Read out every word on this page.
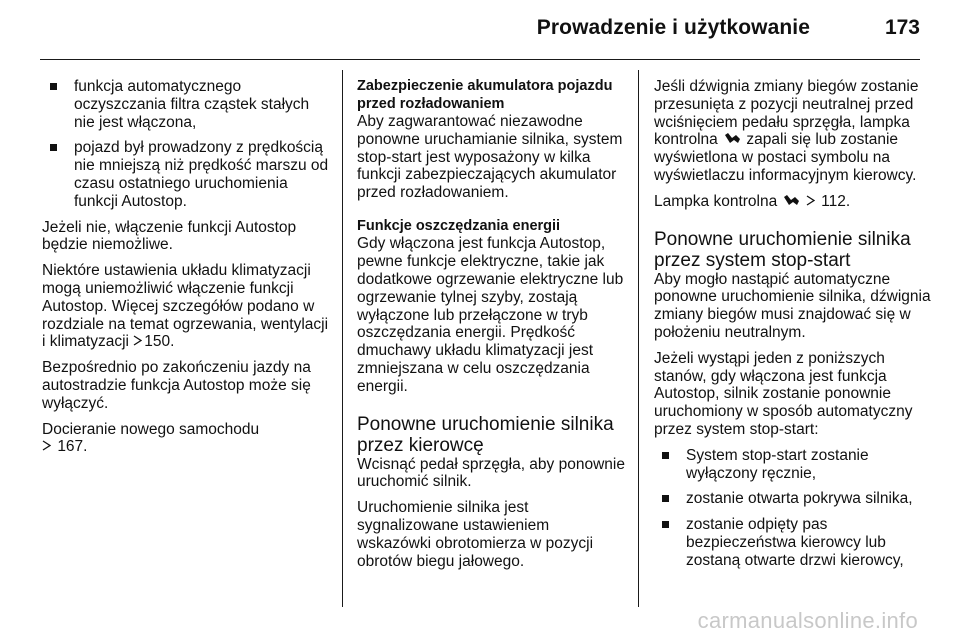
Prowadzenie i użytkowanie	173
funkcja automatycznego oczyszczania filtra cząstek stałych nie jest włączona,
pojazd był prowadzony z prędkością nie mniejszą niż prędkość marszu od czasu ostatniego uruchomienia funkcji Autostop.

Jeżeli nie, włączenie funkcji Autostop będzie niemożliwe.

Niektóre ustawienia układu klimatyzacji mogą uniemożliwić włączenie funkcji Autostop. Więcej szczegółów podano w rozdziale na temat ogrzewania, wentylacji i klimatyzacji 150.

Bezpośrednio po zakończeniu jazdy na autostradzie funkcja Autostop może się wyłączyć.

Docieranie nowego samochodu
167.

Zabezpieczenie akumulatora pojazdu przed rozładowaniem

Aby zagwarantować niezawodne ponowne uruchamianie silnika, system stop-start jest wyposażony w kilka funkcji zabezpieczających akumulator przed rozładowaniem.

Funkcje oszczędzania energii

Gdy włączona jest funkcja Autostop, pewne funkcje elektryczne, takie jak dodatkowe ogrzewanie elektryczne lub ogrzewanie tylnej szyby, zostają wyłączone lub przełączone w tryb oszczędzania energii. Prędkość dmuchawy układu klimatyzacji jest zmniejszana w celu oszczędzania energii.

Ponowne uruchomienie silnika przez kierowcę

Wcisnąć pedał sprzęgła, aby ponownie uruchomić silnik.

Uruchomienie silnika jest sygnalizowane ustawieniem wskazówki obrotomierza w pozycji obrotów biegu jałowego.

Jeśli dźwignia zmiany biegów zostanie przesunięta z pozycji neutralnej przed wciśnięciem pedału sprzęgła, lampka kontrolna zapali się lub zostanie wyświetlona w postaci symbolu na wyświetlaczu informacyjnym kierowcy.

Lampka kontrolna	112.

Ponowne uruchomienie silnika przez system stop-start

Aby mogło nastąpić automatyczne ponowne uruchomienie silnika, dźwignia zmiany biegów musi znajdować się w położeniu neutralnym.

Jeżeli wystąpi jeden z poniższych stanów, gdy włączona jest funkcja Autostop, silnik zostanie ponownie uruchomiony w sposób automatyczny przez system stop-start:

System stop-start zostanie wyłączony ręcznie,
zostanie otwarta pokrywa silnika,
zostanie odpięty pas bezpieczeństwa kierowcy lub zostaną otwarte drzwi kierowcy,
carmanualsonline.info
